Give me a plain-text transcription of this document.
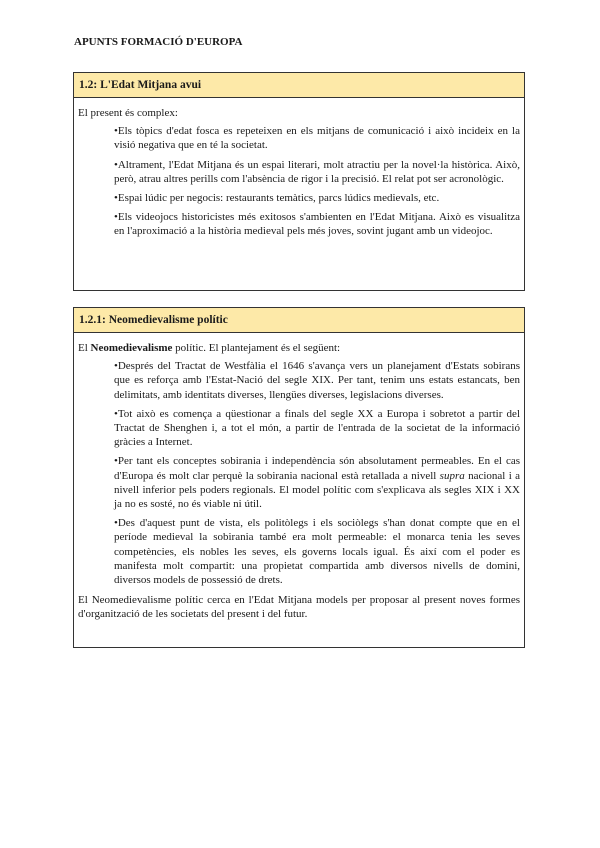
APUNTS FORMACIÓ D'EUROPA
1.2: L'Edat Mitjana avui

El present és complex:

•Els tòpics d'edat fosca es repeteixen en els mitjans de comunicació i això incideix en la visió negativa que en té la societat.

•Altrament, l'Edat Mitjana és un espai literari, molt atractiu per la novel·la històrica. Això, però, atrau altres perills com l'absència de rigor i la precisió. El relat pot ser acronològic.

•Espai lúdic per negocis: restaurants temàtics, parcs lúdics medievals, etc.

•Els videojocs historicistes més exitosos s'ambienten en l'Edat Mitjana. Això es visualitza en l'aproximació a la història medieval pels més joves, sovint jugant amb un videojoc.

1.2.1: Neomedievalisme polític

El Neomedievalisme polític. El plantejament és el següent:

•Després del Tractat de Westfàlia el 1646 s'avança vers un planejament d'Estats sobirans que es reforça amb l'Estat-Nació del segle XIX. Per tant, tenim uns estats estancats, ben delimitats, amb identitats diverses, llengües diverses, legislacions diverses.

•Tot això es comença a qüestionar a finals del segle XX a Europa i sobretot a partir del Tractat de Shenghen i, a tot el món, a partir de l'entrada de la societat de la informació gràcies a Internet.

•Per tant els conceptes sobirania i independència són absolutament permeables. En el cas d'Europa és molt clar perquè la sobirania nacional està retallada a nivell supra nacional i a nivell inferior pels poders regionals. El model polític com s'explicava als segles XIX i XX ja no es sosté, no és viable ni útil.

•Des d'aquest punt de vista, els politòlegs i els sociòlegs s'han donat compte que en el període medieval la sobirania també era molt permeable: el monarca tenia les seves competències, els nobles les seves, els governs locals igual. És així com el poder es manifesta molt compartit: una propietat compartida amb diversos nivells de domini, diversos models de possessió de drets.

El Neomedievalisme polític cerca en l'Edat Mitjana models per proposar al present noves formes d'organització de les societats del present i del futur.
